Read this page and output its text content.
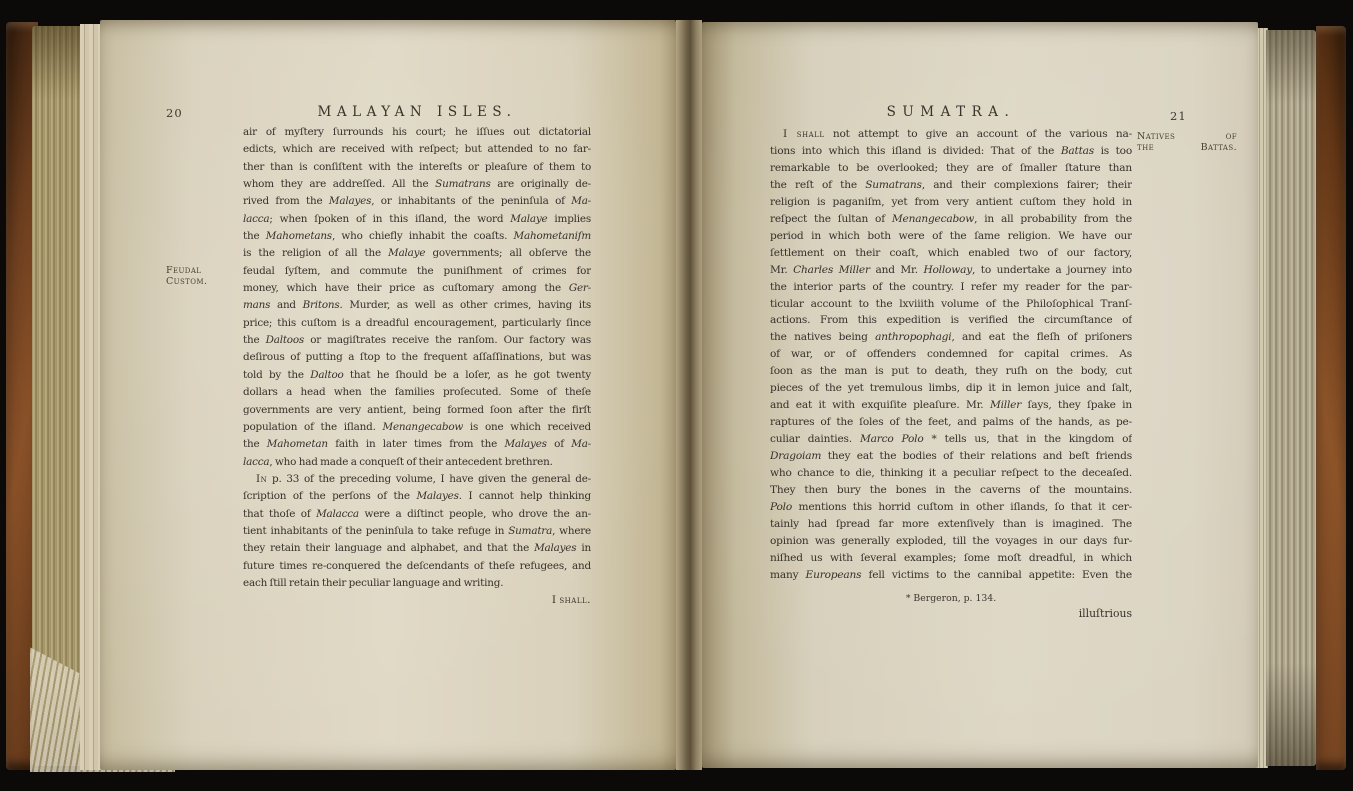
20	MALAYAN ISLES.
Feudal
Custom.
air of myſtery ſurrounds his court; he iſſues out dictatorial
edicts, which are received with reſpect; but attended to no far-
ther than is conſiſtent with the intereſts or pleaſure of them to
whom they are addreſſed. All the Sumatrans are originally de-
rived from the Malayes, or inhabitants of the peninſula of Ma-
lacca; when ſpoken of in this iſland, the word Malaye implies
the Mahometans, who chiefly inhabit the coaſts. Mahometaniſm
is the religion of all the Malaye governments; all obſerve the
feudal ſyſtem, and commute the puniſhment of crimes for
money, which have their price as cuſtomary among the Ger-
mans and Britons. Murder, as well as other crimes, having its
price; this cuſtom is a dreadful encouragement, particularly ſince
the Daltoos or magiſtrates receive the ranſom. Our factory was
deſirous of putting a ſtop to the frequent aſſaſſinations, but was
told by the Daltoo that he ſhould be a loſer, as he got twenty
dollars a head when the families proſecuted. Some of theſe
governments are very antient, being formed ſoon after the firſt
population of the iſland. Menangecabow is one which received
the Mahometan faith in later times from the Malayes of Ma-
lacca, who had made a conqueſt of their antecedent brethren.
In p. 33 of the preceding volume, I have given the general de-
ſcription of the perſons of the Malayes. I cannot help thinking
that thoſe of Malacca were a diſtinct people, who drove the an-
tient inhabitants of the peninſula to take refuge in Sumatra, where
they retain their language and alphabet, and that the Malayes in
future times re-conquered the deſcendants of theſe refugees, and
each ſtill retain their peculiar language and writing.
I shall.
SUMATRA.	21
Natives of
the Battas.
I shall not attempt to give an account of the various na-
tions into which this iſland is divided: That of the Battas is too
remarkable to be overlooked; they are of ſmaller ſtature than
the reſt of the Sumatrans, and their complexions fairer; their
religion is paganiſm, yet from very antient cuſtom they hold in
reſpect the ſultan of Menangecabow, in all probability from the
period in which both were of the ſame religion. We have our
ſettlement on their coaſt, which enabled two of our factory,
Mr. Charles Miller and Mr. Holloway, to undertake a journey into
the interior parts of the country. I refer my reader for the par-
ticular account to the lxviiith volume of the Philoſophical Tranſ-
actions. From this expedition is verified the circumſtance of
the natives being anthropophagi, and eat the fleſh of priſoners
of war, or of offenders condemned for capital crimes. As
ſoon as the man is put to death, they ruſh on the body, cut
pieces of the yet tremulous limbs, dip it in lemon juice and ſalt,
and eat it with exquiſite pleaſure. Mr. Miller ſays, they ſpake in
raptures of the ſoles of the feet, and palms of the hands, as pe-
culiar dainties. Marco Polo * tells us, that in the kingdom of
Dragoiam they eat the bodies of their relations and beſt friends
who chance to die, thinking it a peculiar reſpect to the deceaſed.
They then bury the bones in the caverns of the mountains.
Polo mentions this horrid cuſtom in other iſlands, ſo that it cer-
tainly had ſpread far more extenſively than is imagined. The
opinion was generally exploded, till the voyages in our days fur-
niſhed us with ſeveral examples; ſome moſt dreadful, in which
many Europeans fell victims to the cannibal appetite: Even the
* Bergeron, p. 134.
illuſtrious
